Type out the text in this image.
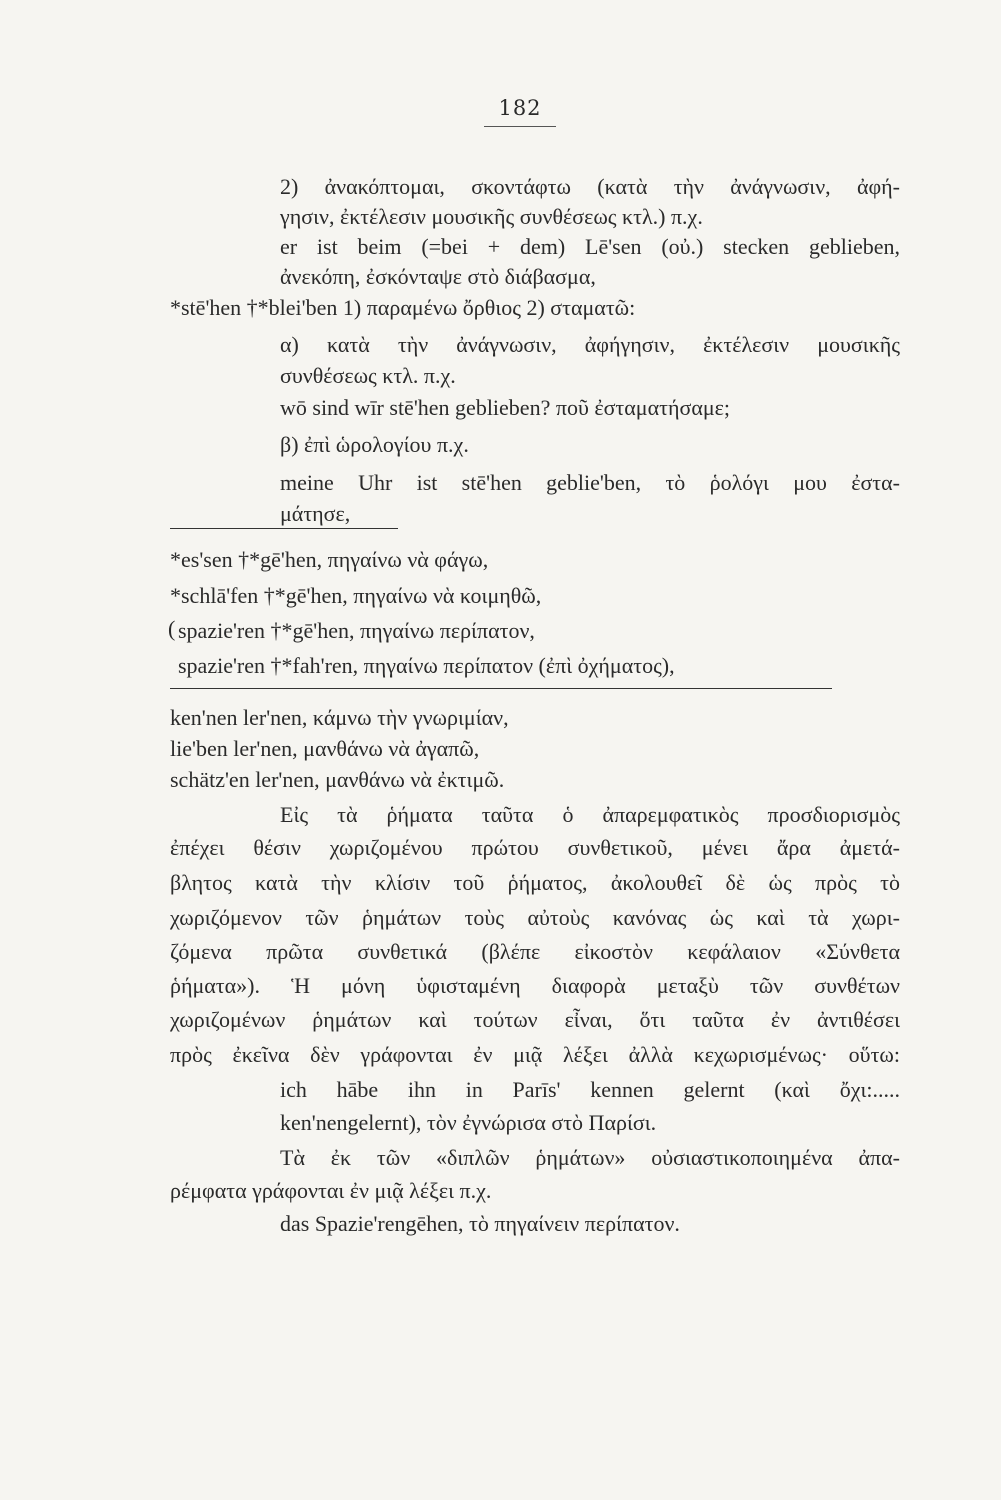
182
2) ἀνακόπτομαι, σκοντάφτω (κατὰ τὴν ἀνάγνωσιν, ἀφή-
γησιν, ἐκτέλεσιν μουσικῆς συνθέσεως κτλ.) π.χ.
er ist beim (=bei + dem) Lē'sen (οὐ.) stecken geblieben,
ἀνεκόπη, ἐσκόνταψε στὸ διάβασμα,
*stē'hen †*blei'ben 1) παραμένω ὄρθιος 2) σταματῶ:
α) κατὰ τὴν ἀνάγνωσιν, ἀφήγησιν, ἐκτέλεσιν μουσικῆς
συνθέσεως κτλ. π.χ.
wō sind wīr stē'hen geblieben? ποῦ ἐσταματήσαμε;
β) ἐπὶ ὡρολογίου π.χ.
meine Uhr ist stē'hen geblie'ben, τὸ ῥολόγι μου ἐστα-
μάτησε,
*es'sen †*gē'hen, πηγαίνω νὰ φάγω,
*schlā'fen †*gē'hen, πηγαίνω νὰ κοιμηθῶ,
( spazie'ren †*gē'hen, πηγαίνω περίπατον,
spazie'ren †*fah'ren, πηγαίνω περίπατον (ἐπὶ ὀχήματος),
ken'nen ler'nen, κάμνω τὴν γνωριμίαν,
lie'ben ler'nen, μανθάνω νὰ ἀγαπῶ,
schätz'en ler'nen, μανθάνω νὰ ἐκτιμῶ.
Εἰς τὰ ῥήματα ταῦτα ὁ ἀπαρεμφατικὸς προσδιορισμὸς
ἐπέχει θέσιν χωριζομένου πρώτου συνθετικοῦ, μένει ἄρα ἀμετά-
βλητος κατὰ τὴν κλίσιν τοῦ ῥήματος, ἀκολουθεῖ δὲ ὡς πρὸς τὸ
χωριζόμενον τῶν ῥημάτων τοὺς αὐτοὺς κανόνας ὡς καὶ τὰ χωρι-
ζόμενα πρῶτα συνθετικά (βλέπε εἰκοστὸν κεφάλαιον «Σύνθετα
ῥήματα»). Ἡ μόνη ὑφισταμένη διαφορὰ μεταξὺ τῶν συνθέτων
χωριζομένων ῥημάτων καὶ τούτων εἶναι, ὅτι ταῦτα ἐν ἀντιθέσει
πρὸς ἐκεῖνα δὲν γράφονται ἐν μιᾷ λέξει ἀλλὰ κεχωρισμένως· οὕτω:
ich hābe ihn in Parīs' kennen gelernt (καὶ ὄχι:.....
ken'nengelernt), τὸν ἐγνώρισα στὸ Παρίσι.
Τὰ ἐκ τῶν «διπλῶν ῥημάτων» οὐσιαστικοποιημένα ἀπα-
ρέμφατα γράφονται ἐν μιᾷ λέξει π.χ.
das Spazie'rengēhen, τὸ πηγαίνειν περίπατον.
